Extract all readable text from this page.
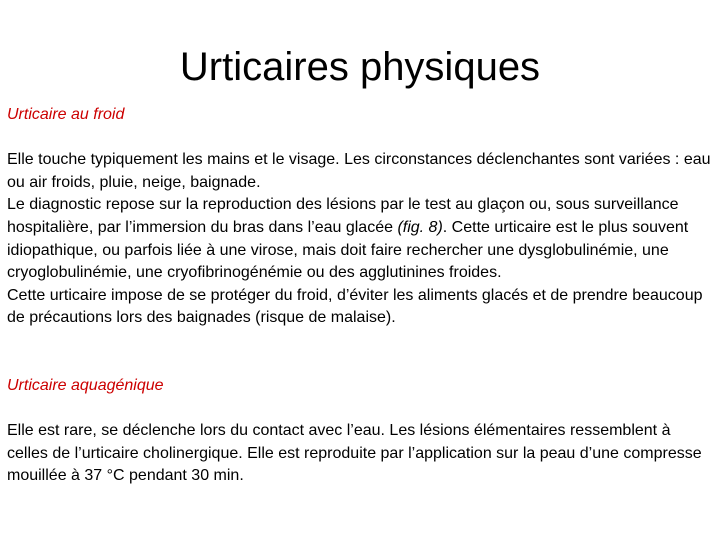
Urticaires physiques

Urticaire au froid

Elle touche typiquement les mains et le visage. Les circonstances déclenchantes sont variées : eau ou air froids, pluie, neige, baignade.

Le diagnostic repose sur la reproduction des lésions par le test au glaçon ou, sous surveillance hospitalière, par l’immersion du bras dans l’eau glacée (fig. 8). Cette urticaire est le plus souvent idiopathique, ou parfois liée à une virose, mais doit faire rechercher une dysglobulinémie, une cryoglobulinémie, une cryofibrinogénémie ou des agglutinines froides.

Cette urticaire impose de se protéger du froid, d’éviter les aliments glacés et de prendre beaucoup de précautions lors des baignades (risque de malaise).

Urticaire aquagénique

Elle est rare, se déclenche lors du contact avec l’eau. Les lésions élémentaires ressemblent à celles de l’urticaire cholinergique. Elle est reproduite par l’application sur la peau d’une compresse mouillée à 37 °C pendant 30 min.
